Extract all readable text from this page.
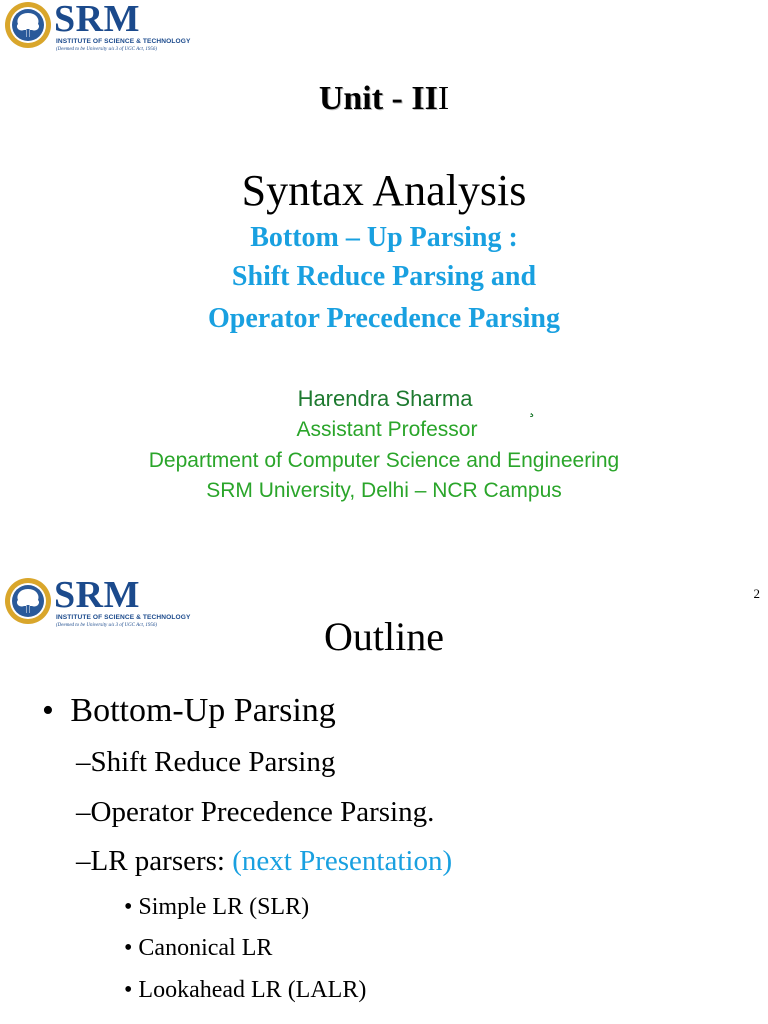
SRM
INSTITUTE OF SCIENCE & TECHNOLOGY
(Deemed to be University u/s 3 of UGC Act, 1956)
Unit - III
Syntax Analysis
Bottom – Up Parsing :
Shift Reduce Parsing and
Operator Precedence Parsing
Harendra Sharma	¸
Assistant Professor
Department of Computer Science and Engineering
SRM University, Delhi – NCR Campus
SRM
INSTITUTE OF SCIENCE & TECHNOLOGY
(Deemed to be University u/s 3 of UGC Act, 1956)
2
Outline
• Bottom-Up Parsing
–Shift Reduce Parsing
–Operator Precedence Parsing.
–LR parsers: (next Presentation)
• Simple LR (SLR)
• Canonical LR
• Lookahead LR (LALR)
